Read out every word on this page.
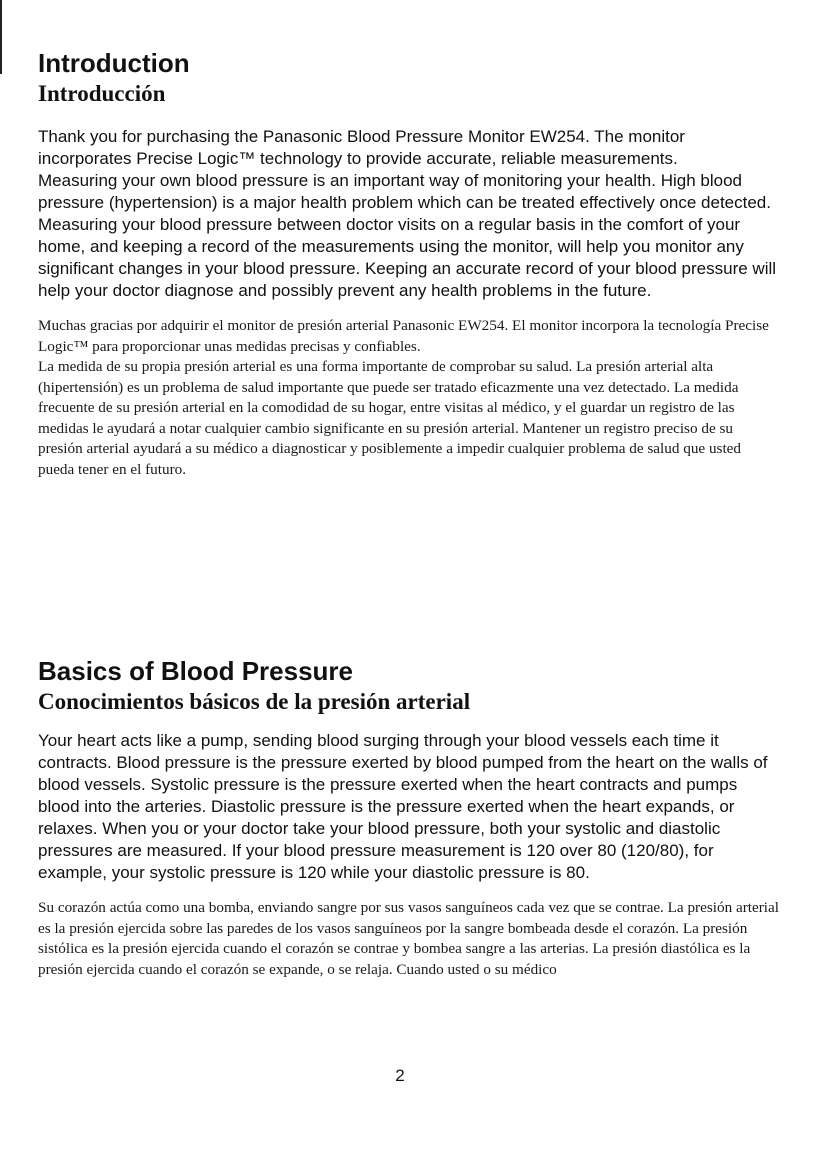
Introduction
Introducción

Thank you for purchasing the Panasonic Blood Pressure Monitor EW254. The monitor incorporates Precise Logic™ technology to provide accurate, reliable measurements.

Measuring your own blood pressure is an important way of monitoring your health. High blood pressure (hypertension) is a major health problem which can be treated effectively once detected. Measuring your blood pressure between doctor visits on a regular basis in the comfort of your home, and keeping a record of the measurements using the monitor, will help you monitor any significant changes in your blood pressure. Keeping an accurate record of your blood pressure will help your doctor diagnose and possibly prevent any health problems in the future.

Muchas gracias por adquirir el monitor de presión arterial Panasonic EW254. El monitor incorpora la tecnología Precise Logic™ para proporcionar unas medidas precisas y confiables.

La medida de su propia presión arterial es una forma importante de comprobar su salud. La presión arterial alta (hipertensión) es un problema de salud importante que puede ser tratado eficazmente una vez detectado. La medida frecuente de su presión arterial en la comodidad de su hogar, entre visitas al médico, y el guardar un registro de las medidas le ayudará a notar cualquier cambio significante en su presión arterial. Mantener un registro preciso de su presión arterial ayudará a su médico a diagnosticar y posiblemente a impedir cualquier problema de salud que usted pueda tener en el futuro.

Basics of Blood Pressure
Conocimientos básicos de la presión arterial

Your heart acts like a pump, sending blood surging through your blood vessels each time it contracts. Blood pressure is the pressure exerted by blood pumped from the heart on the walls of blood vessels. Systolic pressure is the pressure exerted when the heart contracts and pumps blood into the arteries. Diastolic pressure is the pressure exerted when the heart expands, or relaxes. When you or your doctor take your blood pressure, both your systolic and diastolic pressures are measured. If your blood pressure measurement is 120 over 80 (120/80), for example, your systolic pressure is 120 while your diastolic pressure is 80.

Su corazón actúa como una bomba, enviando sangre por sus vasos sanguíneos cada vez que se contrae. La presión arterial es la presión ejercida sobre las paredes de los vasos sanguíneos por la sangre bombeada desde el corazón. La presión sistólica es la presión ejercida cuando el corazón se contrae y bombea sangre a las arterias. La presión diastólica es la presión ejercida cuando el corazón se expande, o se relaja. Cuando usted o su médico

2
